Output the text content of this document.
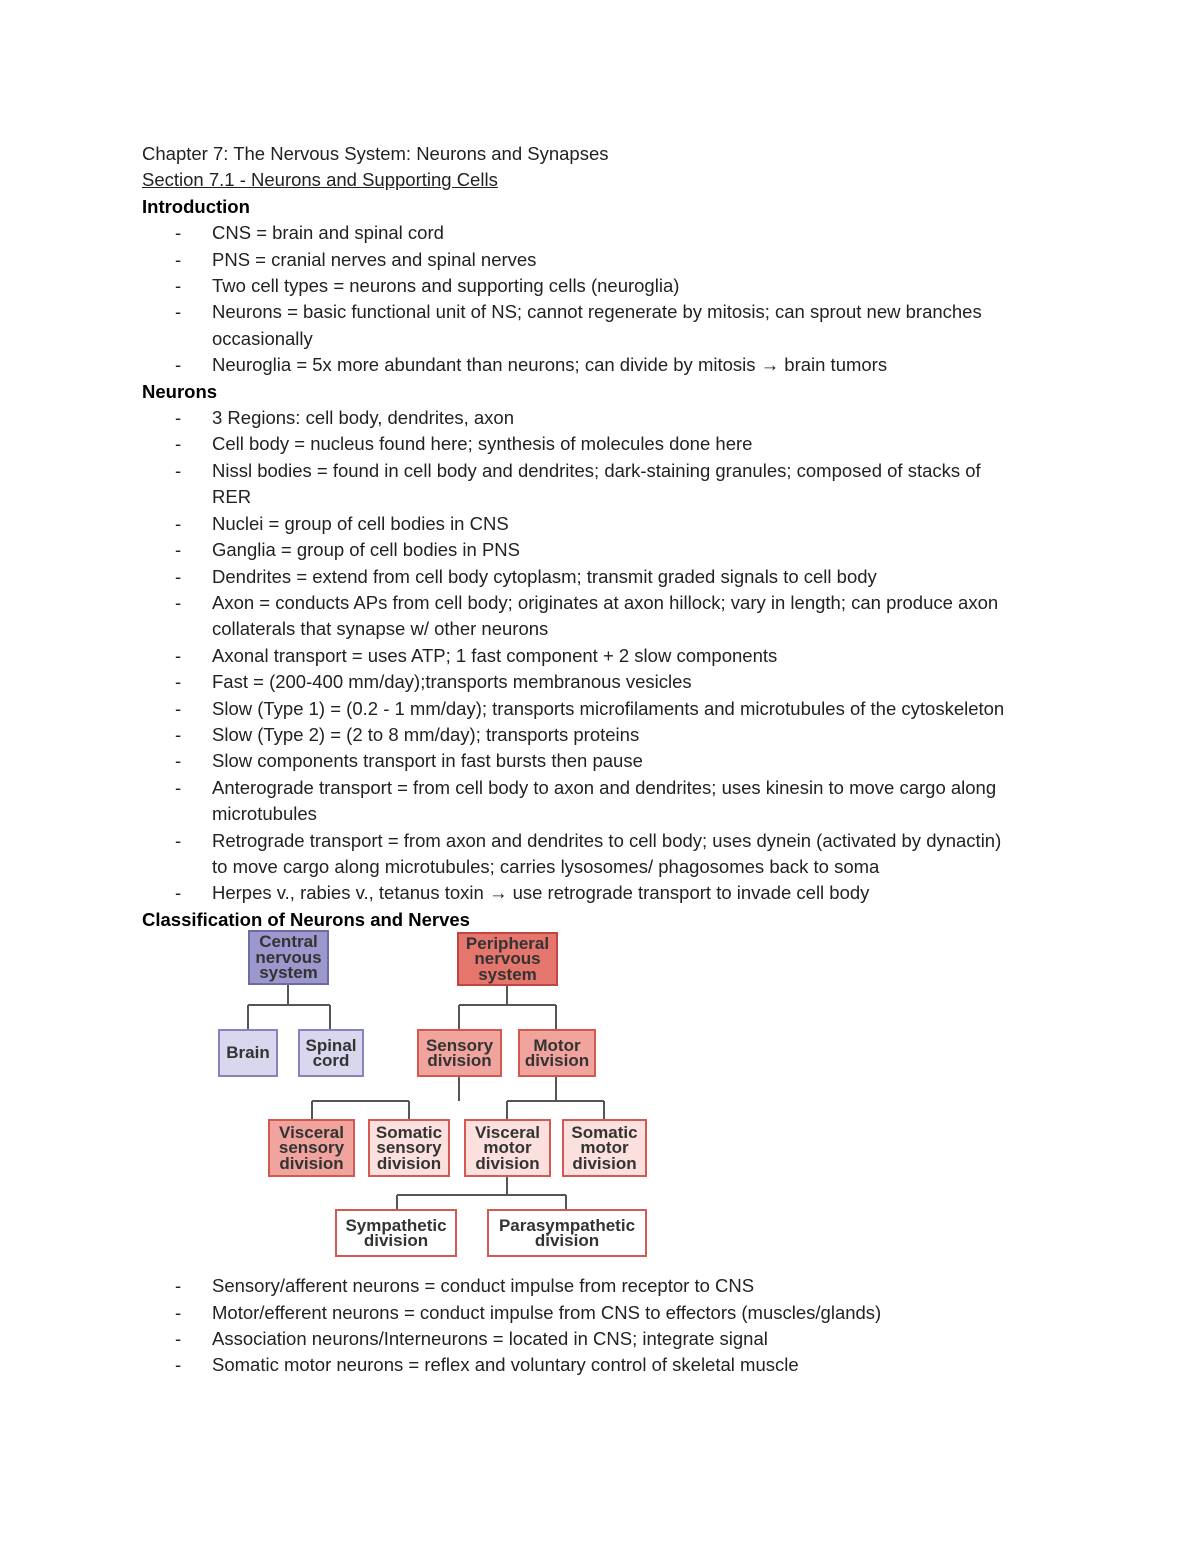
Chapter 7: The Nervous System: Neurons and Synapses
Section 7.1 - Neurons and Supporting Cells
Introduction
- CNS = brain and spinal cord
- PNS = cranial nerves and spinal nerves
- Two cell types = neurons and supporting cells (neuroglia)
- Neurons = basic functional unit of NS; cannot regenerate by mitosis; can sprout new branches
occasionally
- Neuroglia = 5x more abundant than neurons; can divide by mitosis → brain tumors
Neurons
- 3 Regions: cell body, dendrites, axon
- Cell body = nucleus found here; synthesis of molecules done here
- Nissl bodies = found in cell body and dendrites; dark-staining granules; composed of stacks of
RER
- Nuclei = group of cell bodies in CNS
- Ganglia = group of cell bodies in PNS
- Dendrites = extend from cell body cytoplasm; transmit graded signals to cell body
- Axon = conducts APs from cell body; originates at axon hillock; vary in length; can produce axon
collaterals that synapse w/ other neurons
- Axonal transport = uses ATP; 1 fast component + 2 slow components
- Fast = (200-400 mm/day);transports membranous vesicles
- Slow (Type 1) = (0.2 - 1 mm/day); transports microfilaments and microtubules of the cytoskeleton
- Slow (Type 2) = (2 to 8 mm/day); transports proteins
- Slow components transport in fast bursts then pause
- Anterograde transport = from cell body to axon and dendrites; uses kinesin to move cargo along
microtubules
- Retrograde transport = from axon and dendrites to cell body; uses dynein (activated by dynactin)
to move cargo along microtubules; carries lysosomes/ phagosomes back to soma
- Herpes v., rabies v., tetanus toxin → use retrograde transport to invade cell body
Classification of Neurons and Nerves
Central
nervous
system
Brain Spinal
cord
Peripheral
nervous
system
Sensory
division
Motor
division
Visceral
sensory
division
Somatic
sensory
division
Visceral
motor
division
Somatic
motor
division
Sympathetic
division
Parasympathetic
division
- Sensory/afferent neurons = conduct impulse from receptor to CNS
- Motor/efferent neurons = conduct impulse from CNS to effectors (muscles/glands)
- Association neurons/Interneurons = located in CNS; integrate signal
- Somatic motor neurons = reflex and voluntary control of skeletal muscle
